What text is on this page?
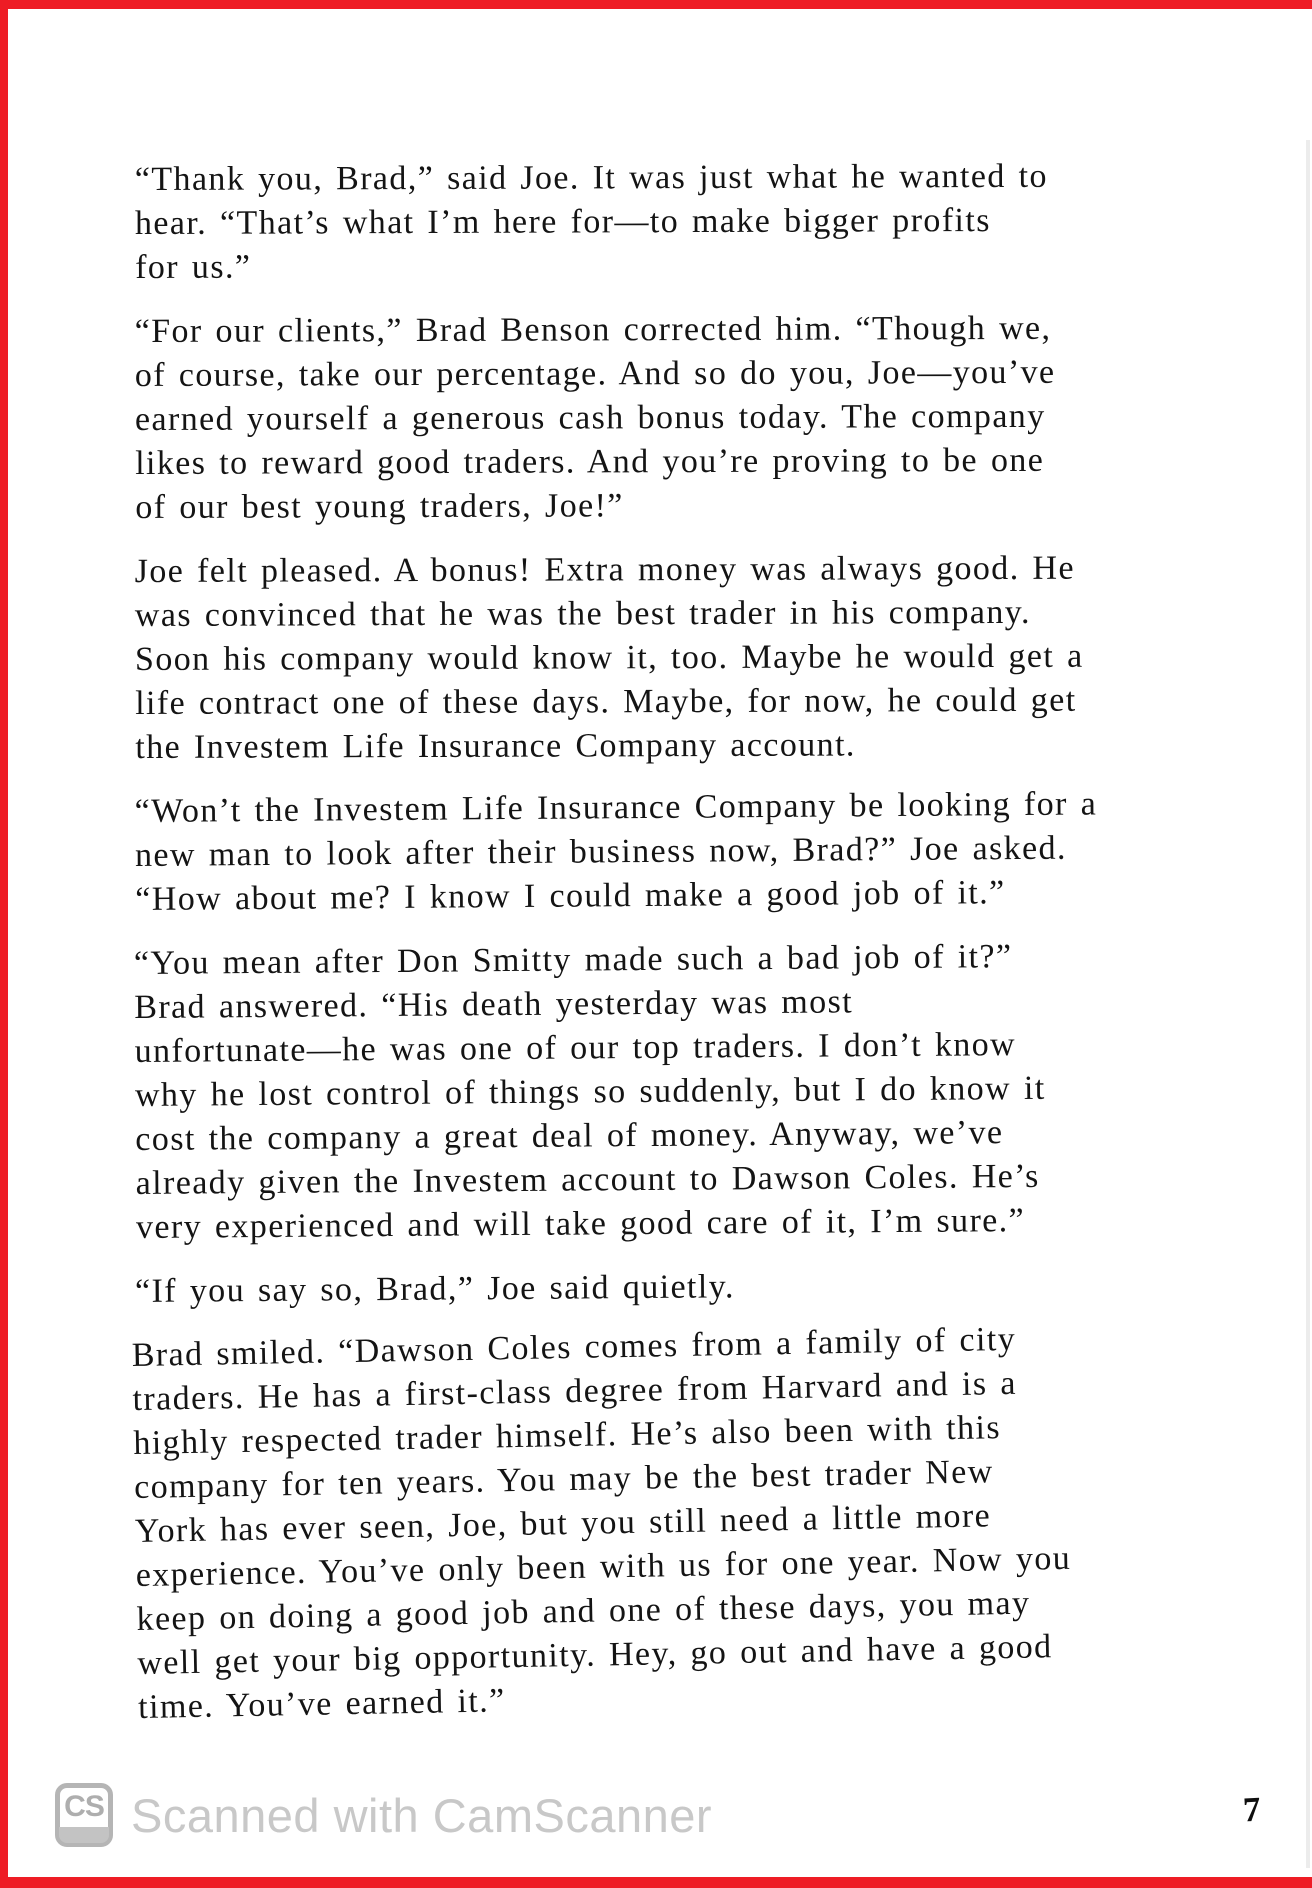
“Thank you, Brad,” said Joe. It was just what he wanted to
hear. “That’s what I’m here for—to make bigger profits
for us.”

“For our clients,” Brad Benson corrected him. “Though we,
of course, take our percentage. And so do you, Joe—you’ve
earned yourself a generous cash bonus today. The company
likes to reward good traders. And you’re proving to be one
of our best young traders, Joe!”

Joe felt pleased. A bonus! Extra money was always good. He
was convinced that he was the best trader in his company.
Soon his company would know it, too. Maybe he would get a
life contract one of these days. Maybe, for now, he could get
the Investem Life Insurance Company account.

“Won’t the Investem Life Insurance Company be looking for a
new man to look after their business now, Brad?” Joe asked.
“How about me? I know I could make a good job of it.”

“You mean after Don Smitty made such a bad job of it?”
Brad answered. “His death yesterday was most
unfortunate—he was one of our top traders. I don’t know
why he lost control of things so suddenly, but I do know it
cost the company a great deal of money. Anyway, we’ve
already given the Investem account to Dawson Coles. He’s
very experienced and will take good care of it, I’m sure.”

“If you say so, Brad,” Joe said quietly.

Brad smiled. “Dawson Coles comes from a family of city
traders. He has a first-class degree from Harvard and is a
highly respected trader himself. He’s also been with this
company for ten years. You may be the best trader New
York has ever seen, Joe, but you still need a little more
experience. You’ve only been with us for one year. Now you
keep on doing a good job and one of these days, you may
well get your big opportunity. Hey, go out and have a good
time. You’ve earned it.”

CS Scanned with CamScanner	7
